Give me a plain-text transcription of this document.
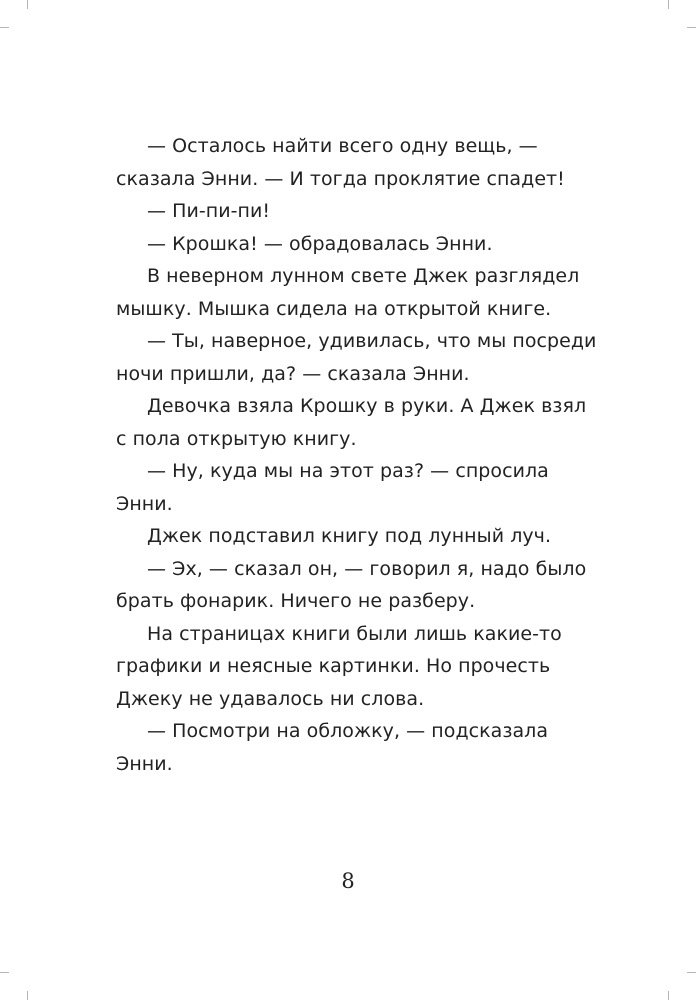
— Осталось найти всего одну вещь, —
сказала Энни. — И тогда проклятие спадет!
— Пи-пи-пи!
— Крошка! — обрадовалась Энни.
В неверном лунном свете Джек разглядел
мышку. Мышка сидела на открытой книге.
— Ты, наверное, удивилась, что мы посреди
ночи пришли, да? — сказала Энни.
Девочка взяла Крошку в руки. А Джек взял
с пола открытую книгу.
— Ну, куда мы на этот раз? — спросила
Энни.
Джек подставил книгу под лунный луч.
— Эх, — сказал он, — говорил я, надо было
брать фонарик. Ничего не разберу.
На страницах книги были лишь какие-то
графики и неясные картинки. Но прочесть
Джеку не удавалось ни слова.
— Посмотри на обложку, — подсказала
Энни.
8
